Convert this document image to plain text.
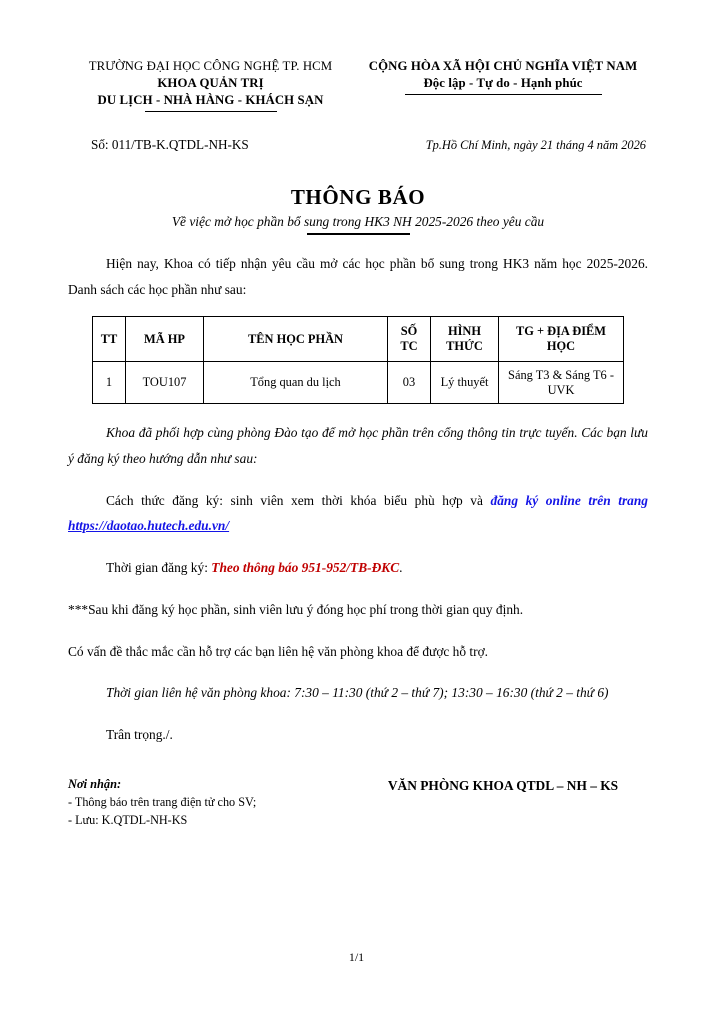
TRƯỜNG ĐẠI HỌC CÔNG NGHỆ TP. HCM
KHOA QUẢN TRỊ
DU LỊCH - NHÀ HÀNG - KHÁCH SẠN
CỘNG HÒA XÃ HỘI CHỦ NGHĨA VIỆT NAM
Độc lập - Tự do - Hạnh phúc
Số: 011/TB-K.QTDL-NH-KS	Tp.Hồ Chí Minh, ngày 21 tháng 4 năm 2026
THÔNG BÁO
Về việc mở học phần bổ sung trong HK3 NH 2025-2026 theo yêu cầu
Hiện nay, Khoa có tiếp nhận yêu cầu mở các học phần bổ sung trong HK3 năm học 2025-2026. Danh sách các học phần như sau:
TT	MÃ HP	TÊN HỌC PHẦN	SỐ TC	HÌNH THỨC	TG + ĐỊA ĐIỂM HỌC
1	TOU107	Tổng quan du lịch	03	Lý thuyết	Sáng T3 & Sáng T6 - UVK
Khoa đã phối hợp cùng phòng Đào tạo để mở học phần trên cổng thông tin trực tuyến. Các bạn lưu ý đăng ký theo hướng dẫn như sau:
Cách thức đăng ký: sinh viên xem thời khóa biểu phù hợp và đăng ký online trên trang https://daotao.hutech.edu.vn/
Thời gian đăng ký: Theo thông báo 951-952/TB-ĐKC.
***Sau khi đăng ký học phần, sinh viên lưu ý đóng học phí trong thời gian quy định.
Có vấn đề thắc mắc cần hỗ trợ các bạn liên hệ văn phòng khoa để được hỗ trợ.
Thời gian liên hệ văn phòng khoa: 7:30 – 11:30 (thứ 2 – thứ 7); 13:30 – 16:30 (thứ 2 – thứ 6)
Trân trọng./.
Nơi nhận:
- Thông báo trên trang điện tử cho SV;
- Lưu: K.QTDL-NH-KS
VĂN PHÒNG KHOA QTDL – NH – KS
1/1
